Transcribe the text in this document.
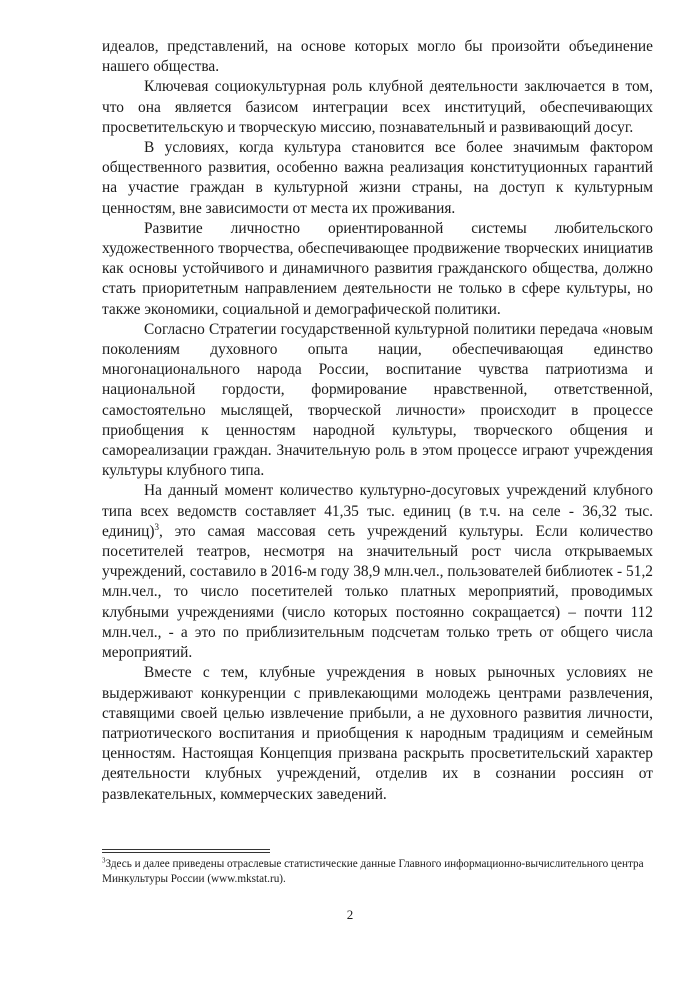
идеалов, представлений, на основе которых могло бы произойти объединение нашего общества.

Ключевая социокультурная роль клубной деятельности заключается в том, что она является базисом интеграции всех институций, обеспечивающих просветительскую и творческую миссию, познавательный и развивающий досуг.

В условиях, когда культура становится все более значимым фактором общественного развития, особенно важна реализация конституционных гарантий на участие граждан в культурной жизни страны, на доступ к культурным ценностям, вне зависимости от места их проживания.

Развитие личностно ориентированной системы любительского художественного творчества, обеспечивающее продвижение творческих инициатив как основы устойчивого и динамичного развития гражданского общества, должно стать приоритетным направлением деятельности не только в сфере культуры, но также экономики, социальной и демографической политики.

Согласно Стратегии государственной культурной политики передача «новым поколениям духовного опыта нации, обеспечивающая единство многонационального народа России, воспитание чувства патриотизма и национальной гордости, формирование нравственной, ответственной, самостоятельно мыслящей, творческой личности» происходит в процессе приобщения к ценностям народной культуры, творческого общения и самореализации граждан. Значительную роль в этом процессе играют учреждения культуры клубного типа.

На данный момент количество культурно-досуговых учреждений клубного типа всех ведомств составляет 41,35 тыс. единиц (в т.ч. на селе - 36,32 тыс. единиц)$^3$, это самая массовая сеть учреждений культуры. Если количество посетителей театров, несмотря на значительный рост числа открываемых учреждений, составило в 2016-м году 38,9 млн.чел., пользователей библиотек - 51,2 млн.чел., то число посетителей только платных мероприятий, проводимых клубными учреждениями (число которых постоянно сокращается) – почти 112 млн.чел., - а это по приблизительным подсчетам только треть от общего числа мероприятий.

Вместе с тем, клубные учреждения в новых рыночных условиях не выдерживают конкуренции с привлекающими молодежь центрами развлечения, ставящими своей целью извлечение прибыли, а не духовного развития личности, патриотического воспитания и приобщения к народным традициям и семейным ценностям. Настоящая Концепция призвана раскрыть просветительский характер деятельности клубных учреждений, отделив их в сознании россиян от развлекательных, коммерческих заведений.

$^3$Здесь и далее приведены отраслевые статистические данные Главного информационно-вычислительного центра Минкультуры России (www.mkstat.ru).

2
